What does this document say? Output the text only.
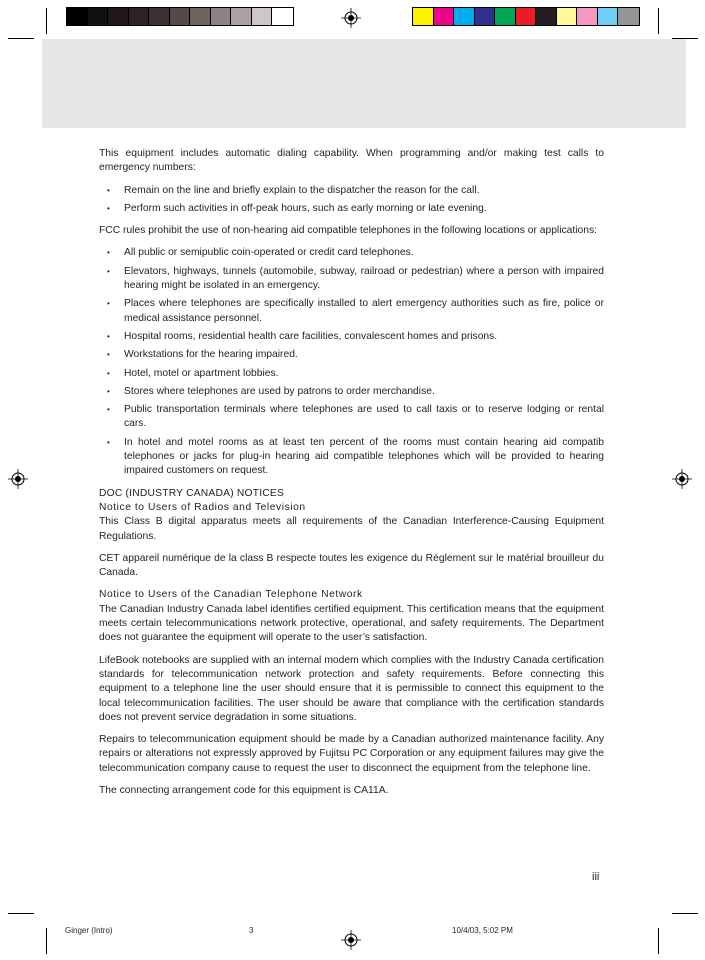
This equipment includes automatic dialing capability. When programming and/or making test calls to emergency numbers:

• Remain on the line and briefly explain to the dispatcher the reason for the call.
• Perform such activities in off-peak hours, such as early morning or late evening.

FCC rules prohibit the use of non-hearing aid compatible telephones in the following locations or applications:

• All public or semipublic coin-operated or credit card telephones.
• Elevators, highways, tunnels (automobile, subway, railroad or pedestrian) where a person with impaired hearing might be isolated in an emergency.
• Places where telephones are specifically installed to alert emergency authorities such as fire, police or medical assistance personnel.
• Hospital rooms, residential health care facilities, convalescent homes and prisons.
• Workstations for the hearing impaired.
• Hotel, motel or apartment lobbies.
• Stores where telephones are used by patrons to order merchandise.
• Public transportation terminals where telephones are used to call taxis or to reserve lodging or rental cars.
• In hotel and motel rooms as at least ten percent of the rooms must contain hearing aid compatib telephones or jacks for plug-in hearing aid compatible telephones which will be provided to hearing impaired customers on request.

DOC (INDUSTRY CANADA) NOTICES

Notice to Users of Radios and Television

This Class B digital apparatus meets all requirements of the Canadian Interference-Causing Equipment Regulations.

CET appareil numérique de la class B respecte toutes les exigence du Réglement sur le matérial brouilleur du Canada.

Notice to Users of the Canadian Telephone Network

The Canadian Industry Canada label identifies certified equipment. This certification means that the equipment meets certain telecommunications network protective, operational, and safety requirements. The Department does not guarantee the equipment will operate to the user’s satisfaction.

LifeBook notebooks are supplied with an internal modem which complies with the Industry Canada certification standards for telecommunication network protection and safety requirements. Before connecting this equipment to a telephone line the user should ensure that it is permissible to connect this equipment to the local telecommunication facilities. The user should be aware that compliance with the certification standards does not prevent service degradation in some situations.

Repairs to telecommunication equipment should be made by a Canadian authorized maintenance facility. Any repairs or alterations not expressly approved by Fujitsu PC Corporation or any equipment failures may give the telecommunication company cause to request the user to disconnect the equipment from the telephone line.

The connecting arrangement code for this equipment is CA11A.

iii
Ginger (Intro)	3	10/4/03, 5:02 PM
